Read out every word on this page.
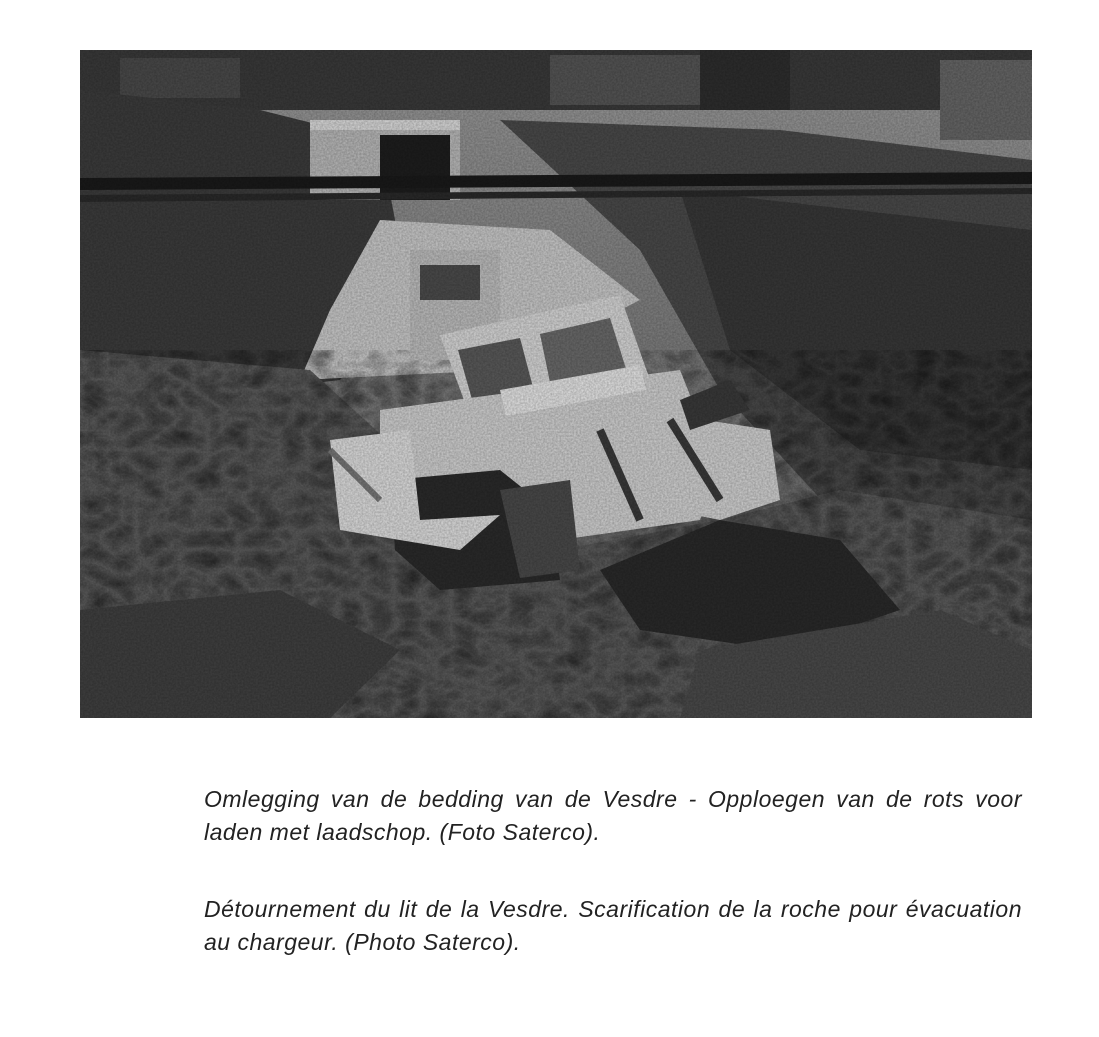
Omlegging van de bedding van de Vesdre - Opploegen van de rots voor laden met laadschop. (Foto Saterco).

Détournement du lit de la Vesdre. Scarification de la roche pour évacuation au chargeur. (Photo Saterco).
